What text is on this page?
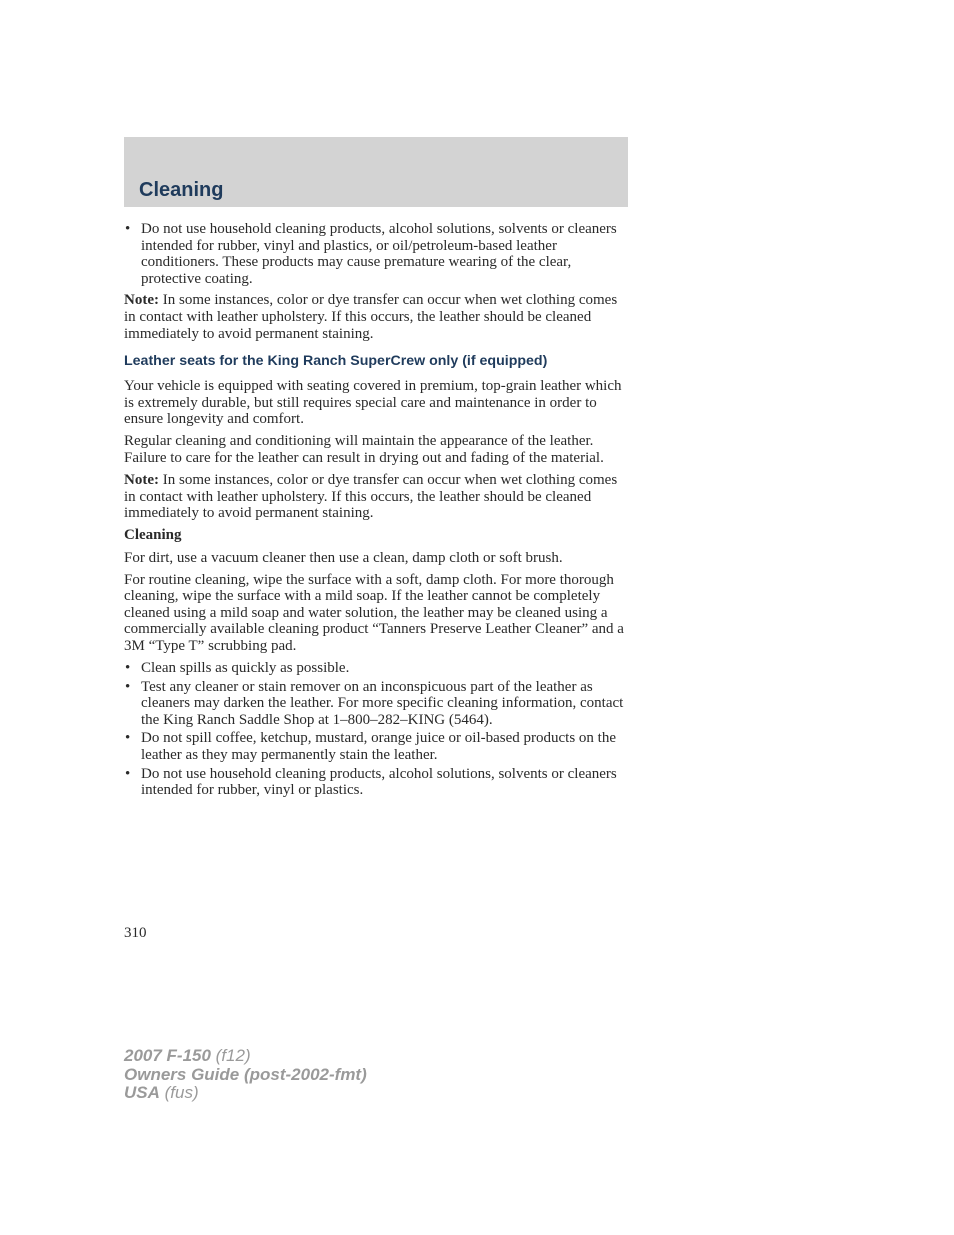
Cleaning
• Do not use household cleaning products, alcohol solutions, solvents or cleaners intended for rubber, vinyl and plastics, or oil/petroleum-based leather conditioners. These products may cause premature wearing of the clear, protective coating.

Note: In some instances, color or dye transfer can occur when wet clothing comes in contact with leather upholstery. If this occurs, the leather should be cleaned immediately to avoid permanent staining.

Leather seats for the King Ranch SuperCrew only (if equipped)

Your vehicle is equipped with seating covered in premium, top-grain leather which is extremely durable, but still requires special care and maintenance in order to ensure longevity and comfort.

Regular cleaning and conditioning will maintain the appearance of the leather. Failure to care for the leather can result in drying out and fading of the material.

Note: In some instances, color or dye transfer can occur when wet clothing comes in contact with leather upholstery. If this occurs, the leather should be cleaned immediately to avoid permanent staining.

Cleaning

For dirt, use a vacuum cleaner then use a clean, damp cloth or soft brush.

For routine cleaning, wipe the surface with a soft, damp cloth. For more thorough cleaning, wipe the surface with a mild soap. If the leather cannot be completely cleaned using a mild soap and water solution, the leather may be cleaned using a commercially available cleaning product “Tanners Preserve Leather Cleaner” and a 3M “Type T” scrubbing pad.

• Clean spills as quickly as possible.
• Test any cleaner or stain remover on an inconspicuous part of the leather as cleaners may darken the leather. For more specific cleaning information, contact the King Ranch Saddle Shop at 1–800–282–KING (5464).
• Do not spill coffee, ketchup, mustard, orange juice or oil-based products on the leather as they may permanently stain the leather.
• Do not use household cleaning products, alcohol solutions, solvents or cleaners intended for rubber, vinyl or plastics.
310
2007 F-150 (f12)
Owners Guide (post-2002-fmt)
USA (fus)
